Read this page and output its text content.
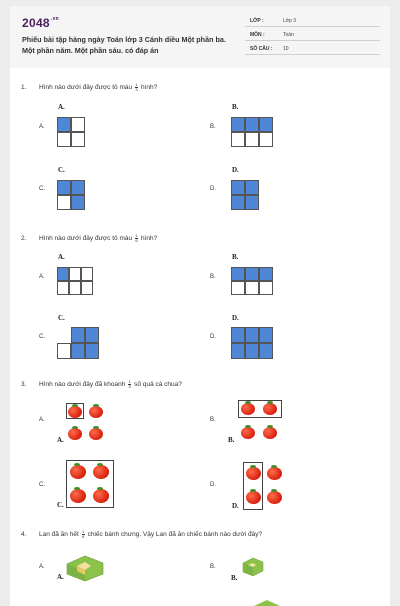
$2048^{.vn}$
Phiếu bài tập hàng ngày Toán lớp 3 Cánh diều Một phần ba. Một phần năm. Một phần sáu. có đáp án
LỚP :	Lớp 3
MÔN :	Toán
SỐ CÂU : 10
1. Hình nào dưới đây được tô màu $\frac{1}{3}$ hình?
A.
A.
B.
B.
C.
C.
D.
D.
2. Hình nào dưới đây được tô màu $\frac{1}{6}$ hình?
A.
A.
B.
B.
C.
C.
D.
D.
3. Hình nào dưới đây đã khoanh $\frac{1}{5}$ số quả cà chua?
A.
A.
B.
B.
C.
C.
D.
D.
4. Lan đã ăn hết $\frac{1}{6}$ chiếc bánh chưng. Vậy Lan đã ăn chiếc bánh nào dưới đây?
A.
A.
B.
B.
